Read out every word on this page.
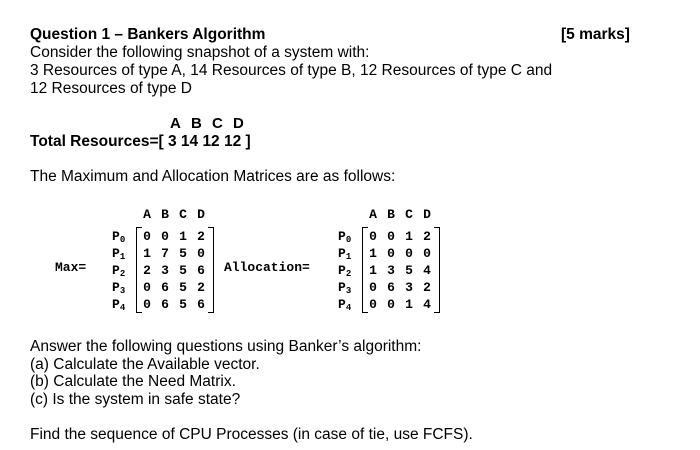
Question 1 – Bankers Algorithm	[5 marks]
Consider the following snapshot of a system with:
3 Resources of type A, 14 Resources of type B, 12 Resources of type C and
12 Resources of type D
A B C D
Total Resources=[ 3 14 12 12 ]
The Maximum and Allocation Matrices are as follows:
Max=
A B C D
$P_0$	0 0 1 2
$P_1$	1 7 5 0
$P_2$	2 3 5 6
$P_3$	0 6 5 2
$P_4$	0 6 5 6
Allocation=
A B C D
$P_0$	0 0 1 2
$P_1$	1 0 0 0
$P_2$	1 3 5 4
$P_3$	0 6 3 2
$P_4$	0 0 1 4
Answer the following questions using Banker’s algorithm:
(a) Calculate the Available vector.
(b) Calculate the Need Matrix.
(c) Is the system in safe state?
Find the sequence of CPU Processes (in case of tie, use FCFS).
